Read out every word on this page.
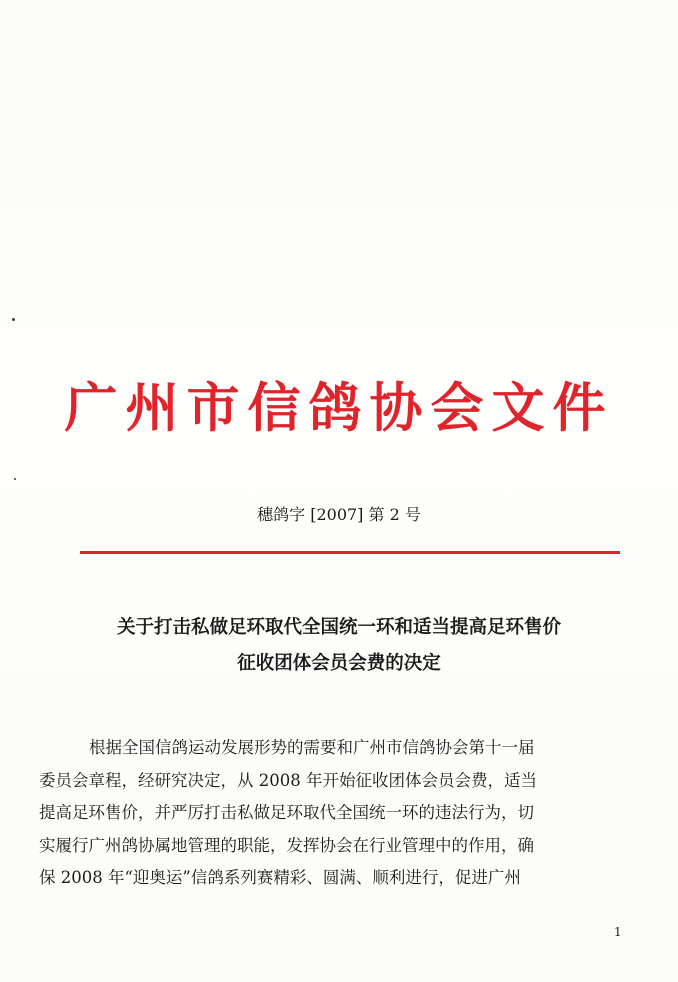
广州市信鸽协会文件
穗鸽字 [2007] 第 2 号
关于打击私做足环取代全国统一环和适当提高足环售价
征收团体会员会费的决定
根据全国信鸽运动发展形势的需要和广州市信鸽协会第十一届
委员会章程，经研究决定，从 2008 年开始征收团体会员会费，适当
提高足环售价，并严厉打击私做足环取代全国统一环的违法行为，切
实履行广州鸽协属地管理的职能，发挥协会在行业管理中的作用，确
保 2008 年“迎奥运”信鸽系列赛精彩、圆满、顺利进行，促进广州
1
